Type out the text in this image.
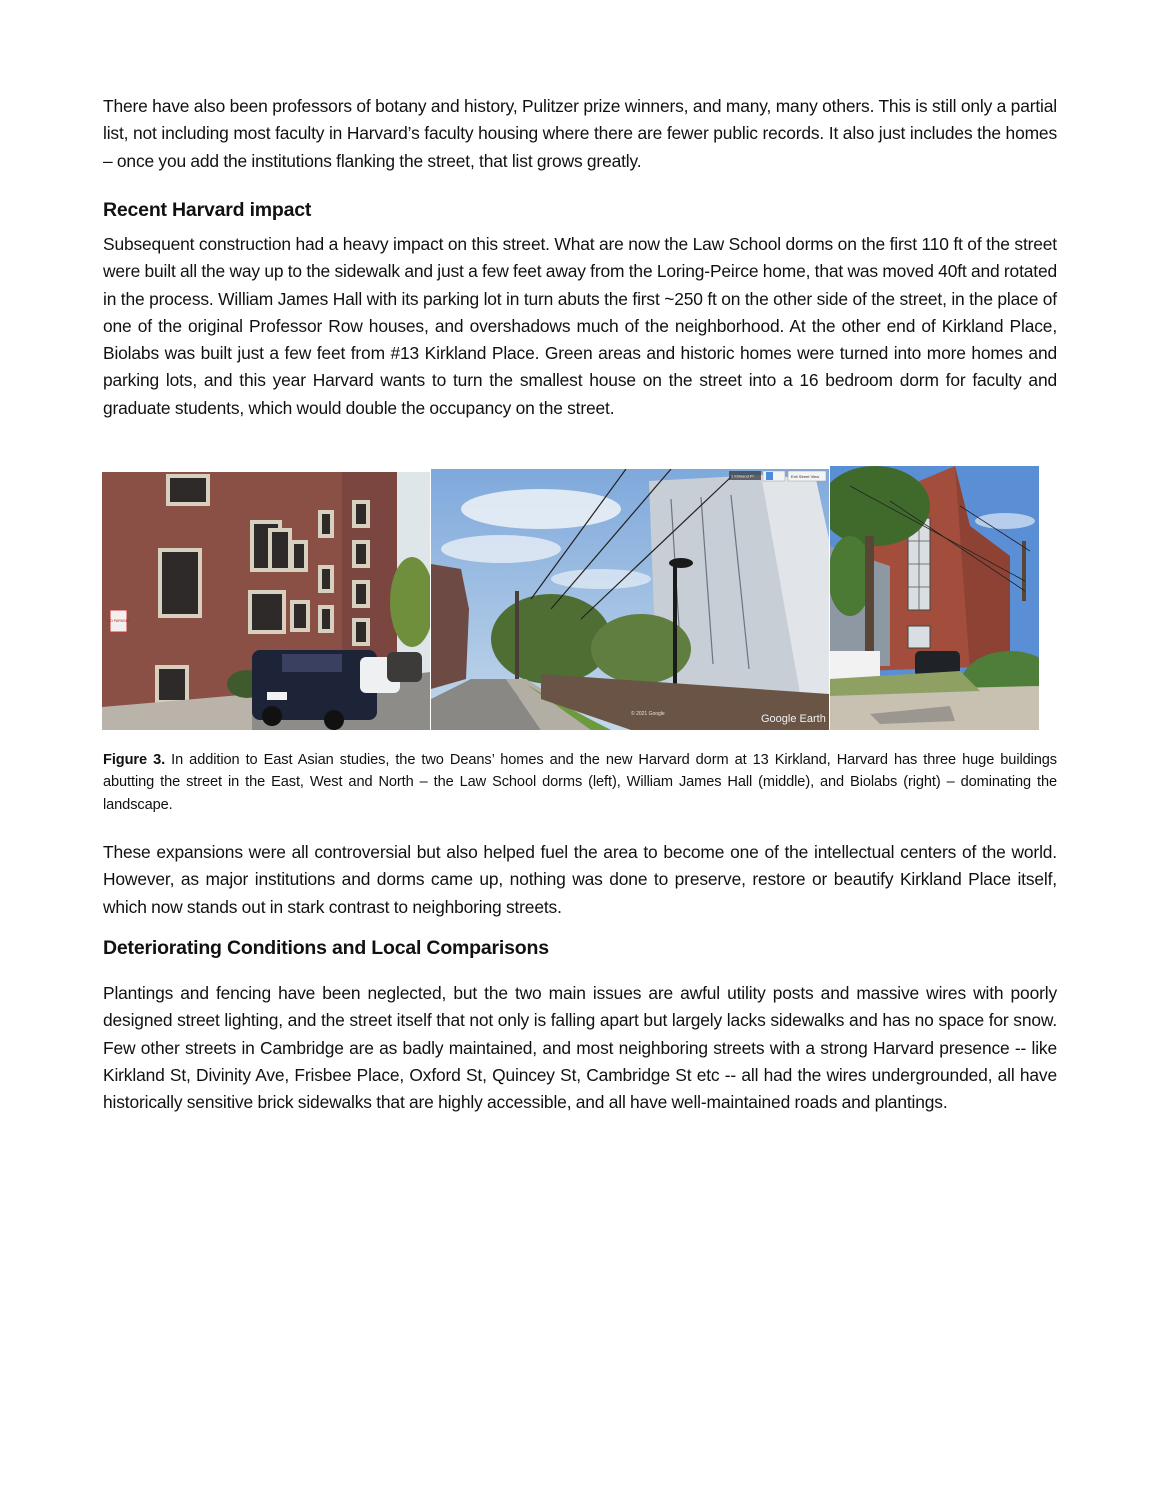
There have also been professors of botany and history, Pulitzer prize winners, and many, many others. This is still only a partial list, not including most faculty in Harvard’s faculty housing where there are fewer public records. It also just includes the homes – once you add the institutions flanking the street, that list grows greatly.

Recent Harvard impact

Subsequent construction had a heavy impact on this street. What are now the Law School dorms on the first 110 ft of the street were built all the way up to the sidewalk and just a few feet away from the Loring-Peirce home, that was moved 40ft and rotated in the process. William James Hall with its parking lot in turn abuts the first ~250 ft on the other side of the street, in the place of one of the original Professor Row houses, and overshadows much of the neighborhood. At the other end of Kirkland Place, Biolabs was built just a few feet from #13 Kirkland Place. Green areas and historic homes were turned into more homes and parking lots, and this year Harvard wants to turn the smallest house on the street into a 16 bedroom dorm for faculty and graduate students, which would double the occupancy on the street.

NO PARKING
© 2021 Google	Google Earth
1 Kirkland Pl	Exit Street View

Figure 3. In addition to East Asian studies, the two Deans’ homes and the new Harvard dorm at 13 Kirkland, Harvard has three huge buildings abutting the street in the East, West and North – the Law School dorms (left), William James Hall (middle), and Biolabs (right) – dominating the landscape.

These expansions were all controversial but also helped fuel the area to become one of the intellectual centers of the world. However, as major institutions and dorms came up, nothing was done to preserve, restore or beautify Kirkland Place itself, which now stands out in stark contrast to neighboring streets.

Deteriorating Conditions and Local Comparisons

Plantings and fencing have been neglected, but the two main issues are awful utility posts and massive wires with poorly designed street lighting, and the street itself that not only is falling apart but largely lacks sidewalks and has no space for snow. Few other streets in Cambridge are as badly maintained, and most neighboring streets with a strong Harvard presence -- like Kirkland St, Divinity Ave, Frisbee Place, Oxford St, Quincey St, Cambridge St etc -- all had the wires undergrounded, all have historically sensitive brick sidewalks that are highly accessible, and all have well-maintained roads and plantings.
